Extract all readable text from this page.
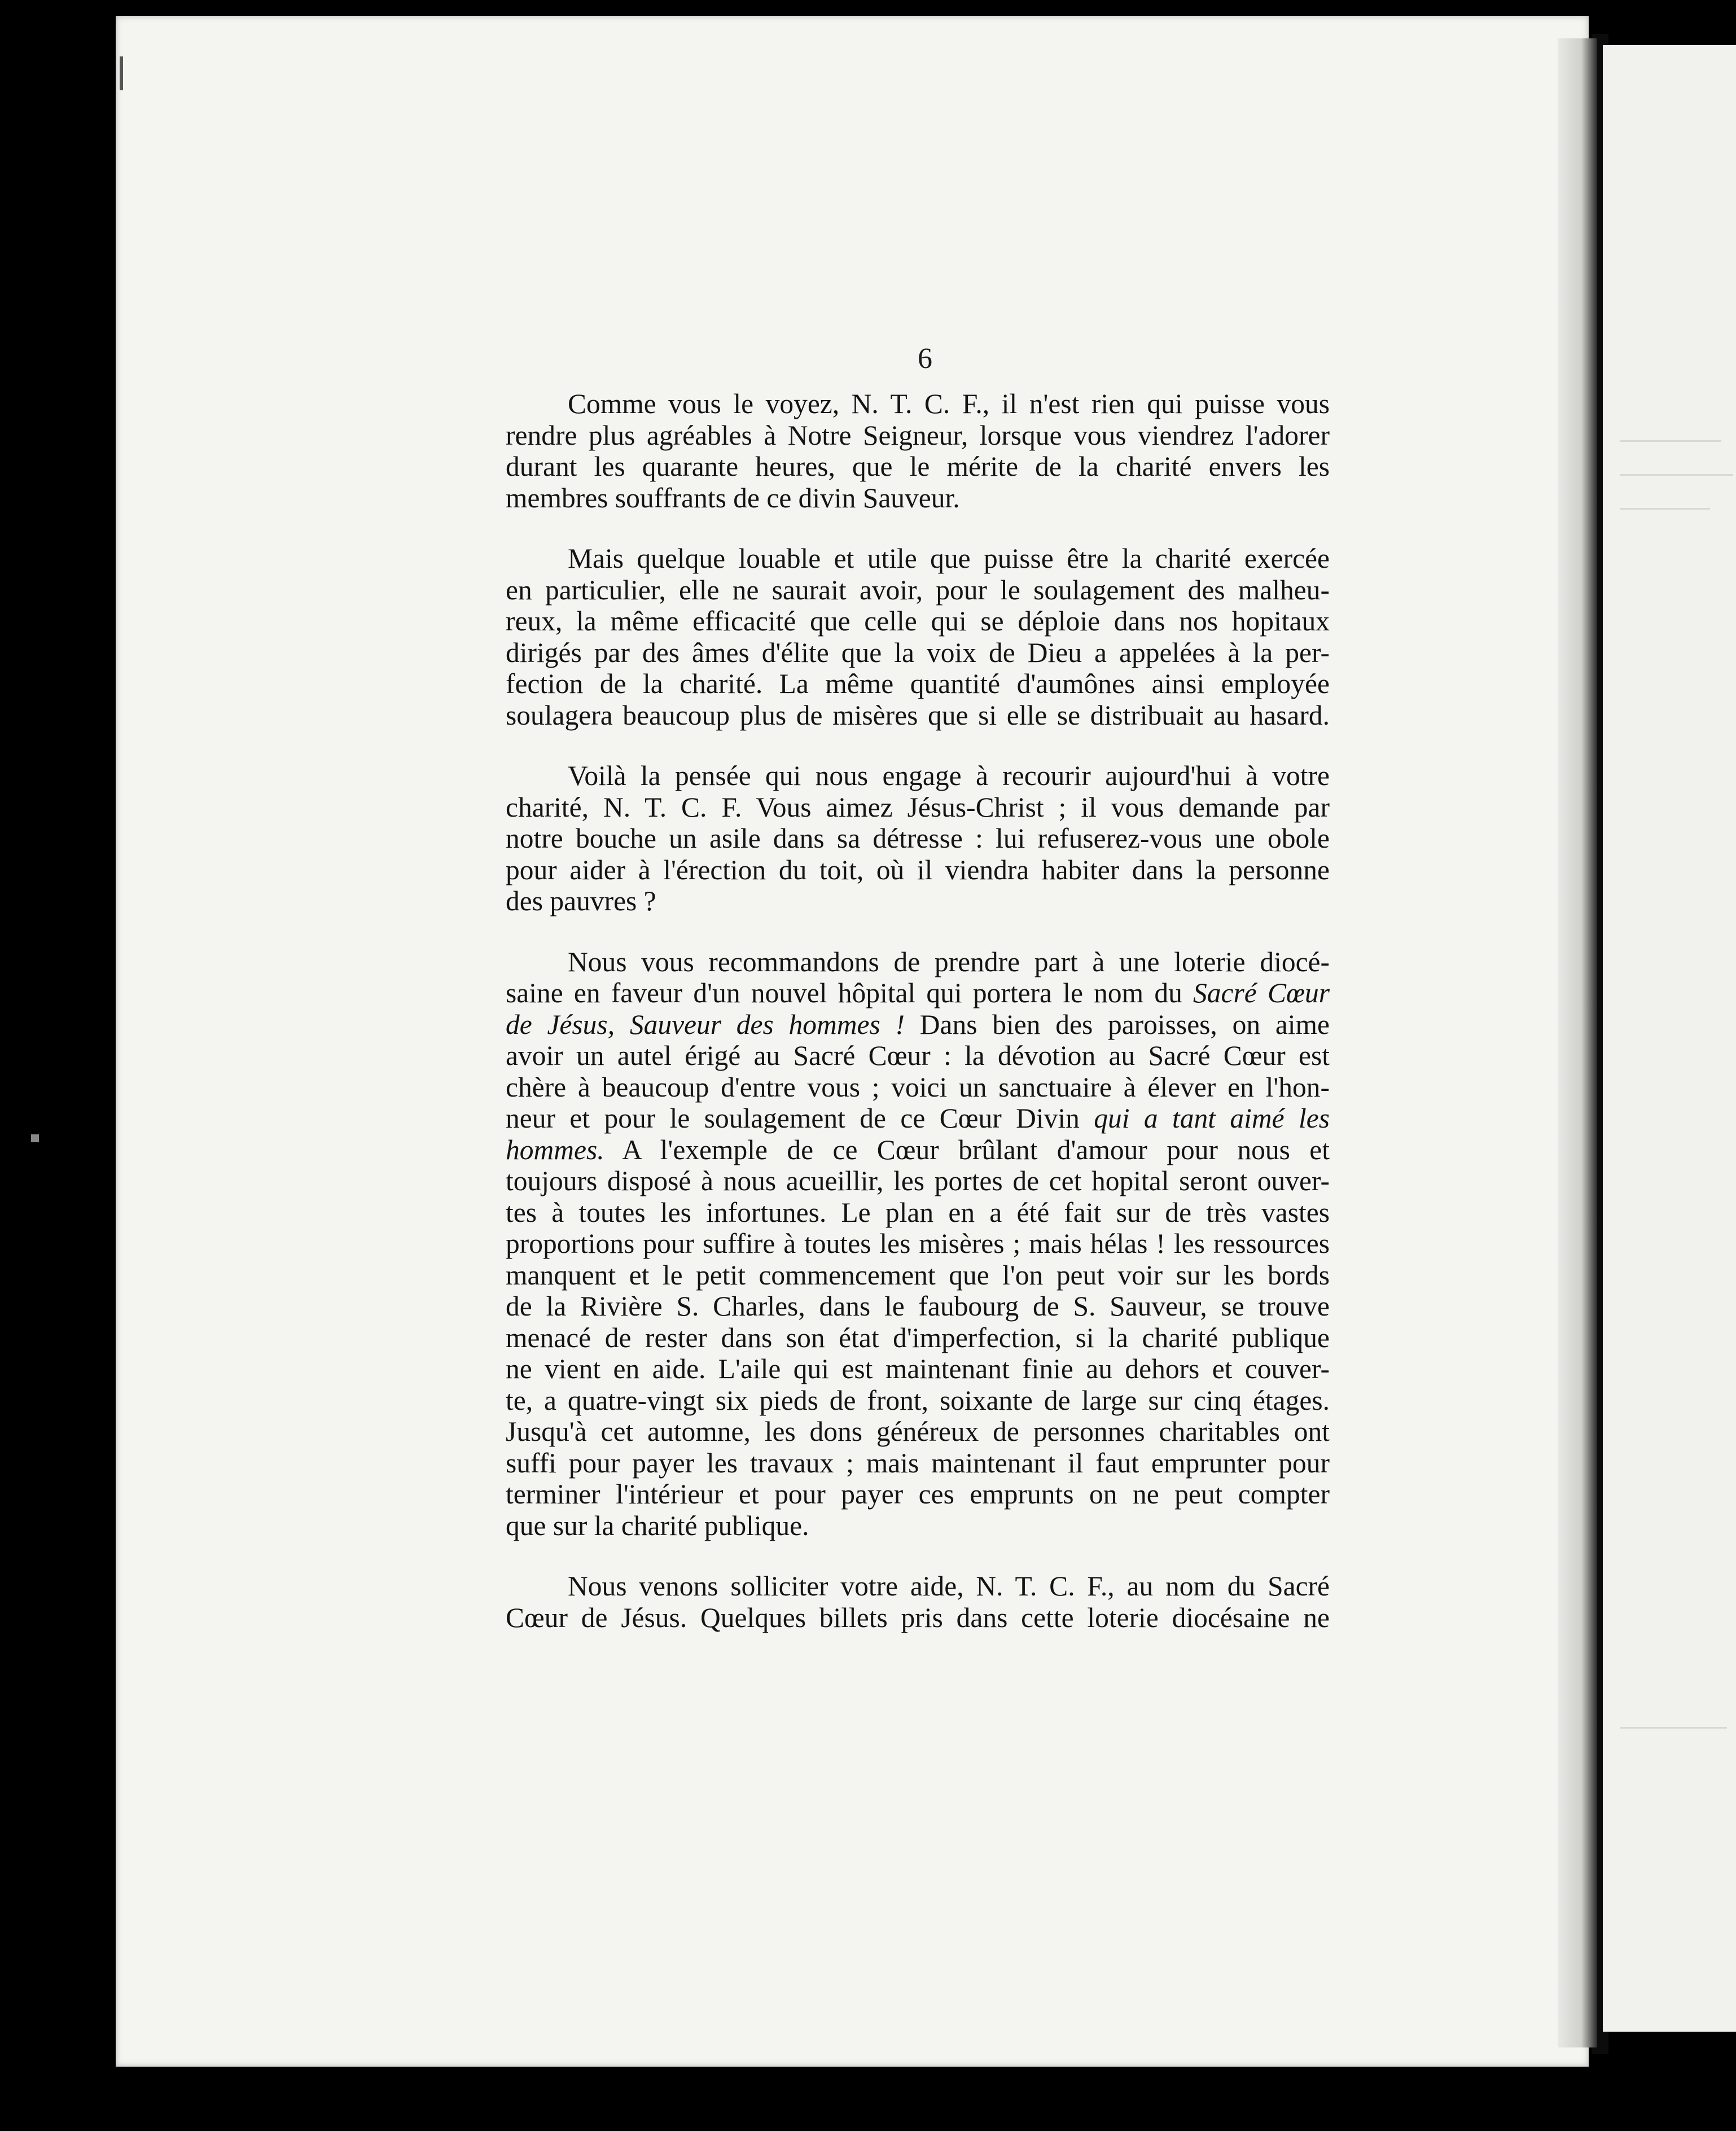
6
Comme vous le voyez, N. T. C. F., il n'est rien qui puisse vous
rendre plus agréables à Notre Seigneur, lorsque vous viendrez l'adorer
durant les quarante heures, que le mérite de la charité envers les
membres souffrants de ce divin Sauveur.
Mais quelque louable et utile que puisse être la charité exercée
en particulier, elle ne saurait avoir, pour le soulagement des malheu-
reux, la même efficacité que celle qui se déploie dans nos hopitaux
dirigés par des âmes d'élite que la voix de Dieu a appelées à la per-
fection de la charité. La même quantité d'aumônes ainsi employée
soulagera beaucoup plus de misères que si elle se distribuait au hasard.
Voilà la pensée qui nous engage à recourir aujourd'hui à votre
charité, N. T. C. F. Vous aimez Jésus-Christ ; il vous demande par
notre bouche un asile dans sa détresse : lui refuserez-vous une obole
pour aider à l'érection du toit, où il viendra habiter dans la personne
des pauvres ?
Nous vous recommandons de prendre part à une loterie diocé-
saine en faveur d'un nouvel hôpital qui portera le nom du Sacré Cœur
de Jésus, Sauveur des hommes ! Dans bien des paroisses, on aime
avoir un autel érigé au Sacré Cœur : la dévotion au Sacré Cœur est
chère à beaucoup d'entre vous ; voici un sanctuaire à élever en l'hon-
neur et pour le soulagement de ce Cœur Divin qui a tant aimé les
hommes. A l'exemple de ce Cœur brûlant d'amour pour nous et
toujours disposé à nous acueillir, les portes de cet hopital seront ouver-
tes à toutes les infortunes. Le plan en a été fait sur de très vastes
proportions pour suffire à toutes les misères ; mais hélas ! les ressources
manquent et le petit commencement que l'on peut voir sur les bords
de la Rivière S. Charles, dans le faubourg de S. Sauveur, se trouve
menacé de rester dans son état d'imperfection, si la charité publique
ne vient en aide. L'aile qui est maintenant finie au dehors et couver-
te, a quatre-vingt six pieds de front, soixante de large sur cinq étages.
Jusqu'à cet automne, les dons généreux de personnes charitables ont
suffi pour payer les travaux ; mais maintenant il faut emprunter pour
terminer l'intérieur et pour payer ces emprunts on ne peut compter
que sur la charité publique.
Nous venons solliciter votre aide, N. T. C. F., au nom du Sacré
Cœur de Jésus. Quelques billets pris dans cette loterie diocésaine ne
